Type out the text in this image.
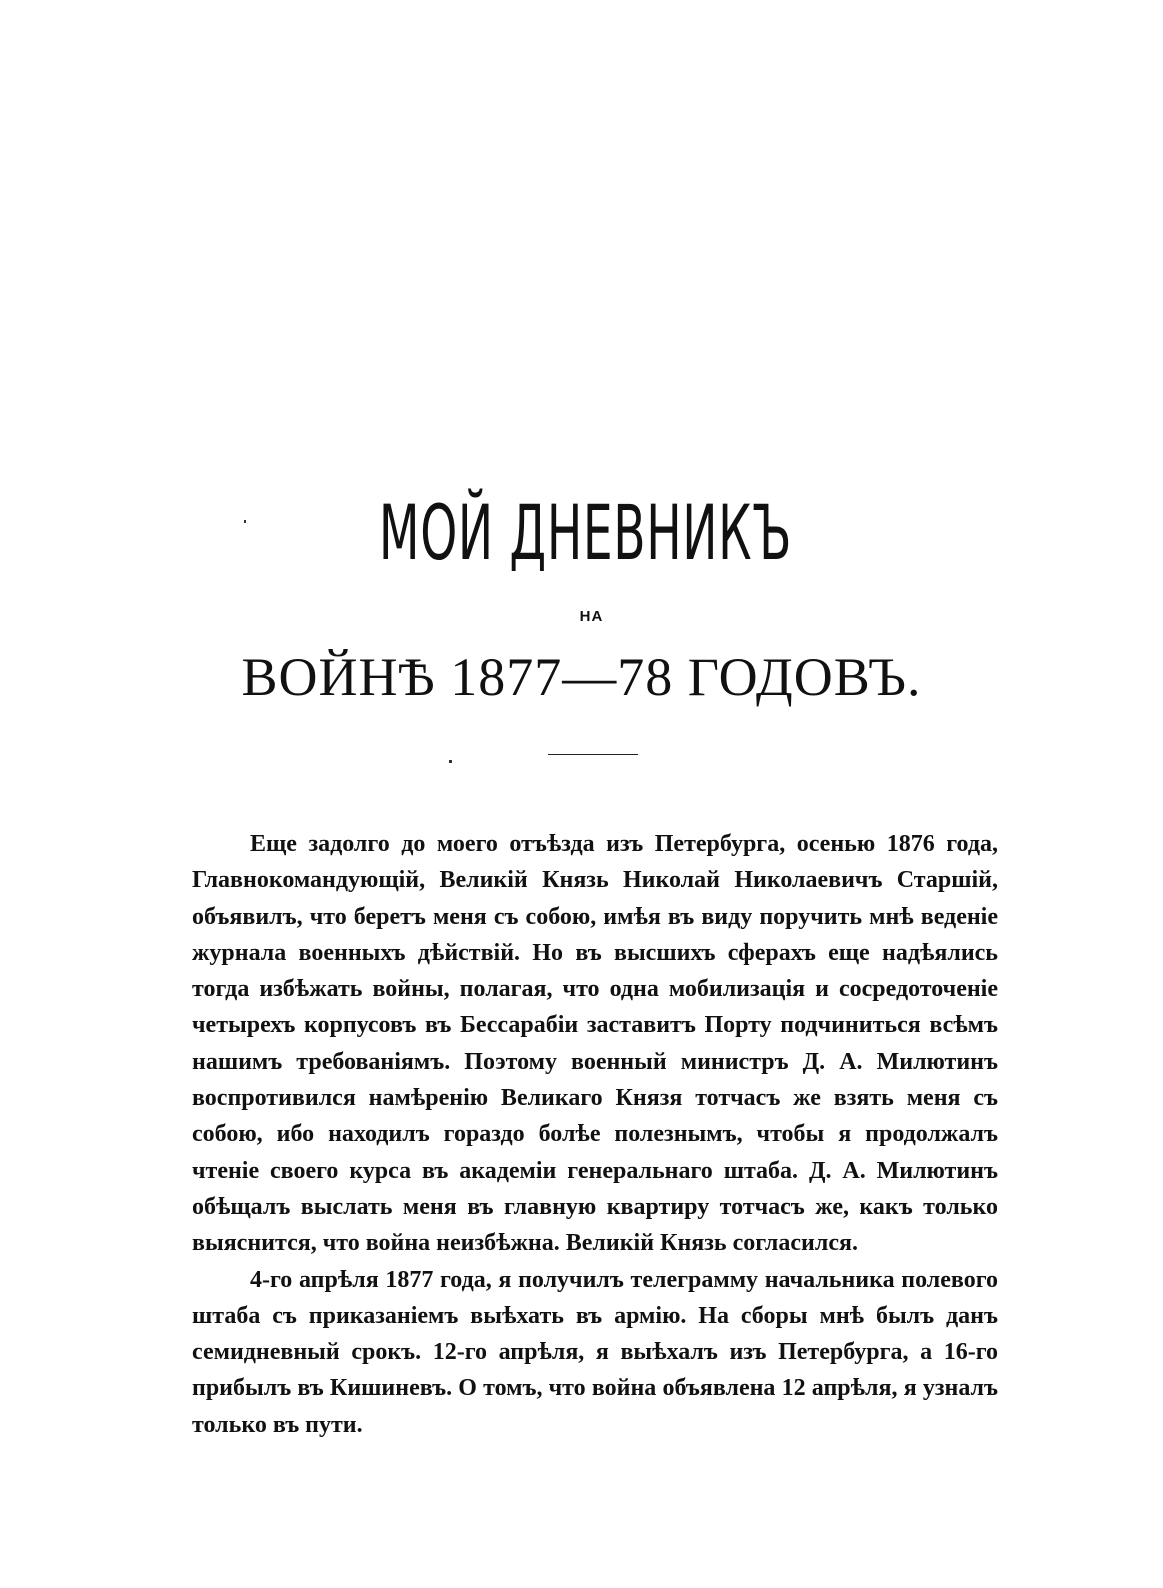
МОЙ ДНЕВНИКЪ
НА
ВОЙНѢ 1877—78 ГОДОВЪ.

Еще задолго до моего отъѣзда изъ Петербурга, осенью 1876 года, Главнокомандующій, Великій Князь Николай Николаевичъ Старшій, объявилъ, что беретъ меня съ собою, имѣя въ виду поручить мнѣ веденіе журнала военныхъ дѣйствій. Но въ высшихъ сферахъ еще надѣялись тогда избѣжать войны, полагая, что одна мобилизація и сосредоточеніе четырехъ корпусовъ въ Бессарабіи заставитъ Порту подчиниться всѣмъ нашимъ требованіямъ. Поэтому военный министръ Д. А. Милютинъ воспротивился намѣренію Великаго Князя тотчасъ же взять меня съ собою, ибо находилъ гораздо болѣе полезнымъ, чтобы я продолжалъ чтеніе своего курса въ академіи генеральнаго штаба. Д. А. Милютинъ обѣщалъ выслать меня въ главную квартиру тотчасъ же, какъ только выяснится, что война неизбѣжна. Великій Князь согласился.

4-го апрѣля 1877 года, я получилъ телеграмму начальника полевого штаба съ приказаніемъ выѣхать въ армію. На сборы мнѣ былъ данъ семидневный срокъ. 12-го апрѣля, я выѣхалъ изъ Петербурга, а 16-го прибылъ въ Кишиневъ. О томъ, что война объявлена 12 апрѣля, я узналъ только въ пути.
